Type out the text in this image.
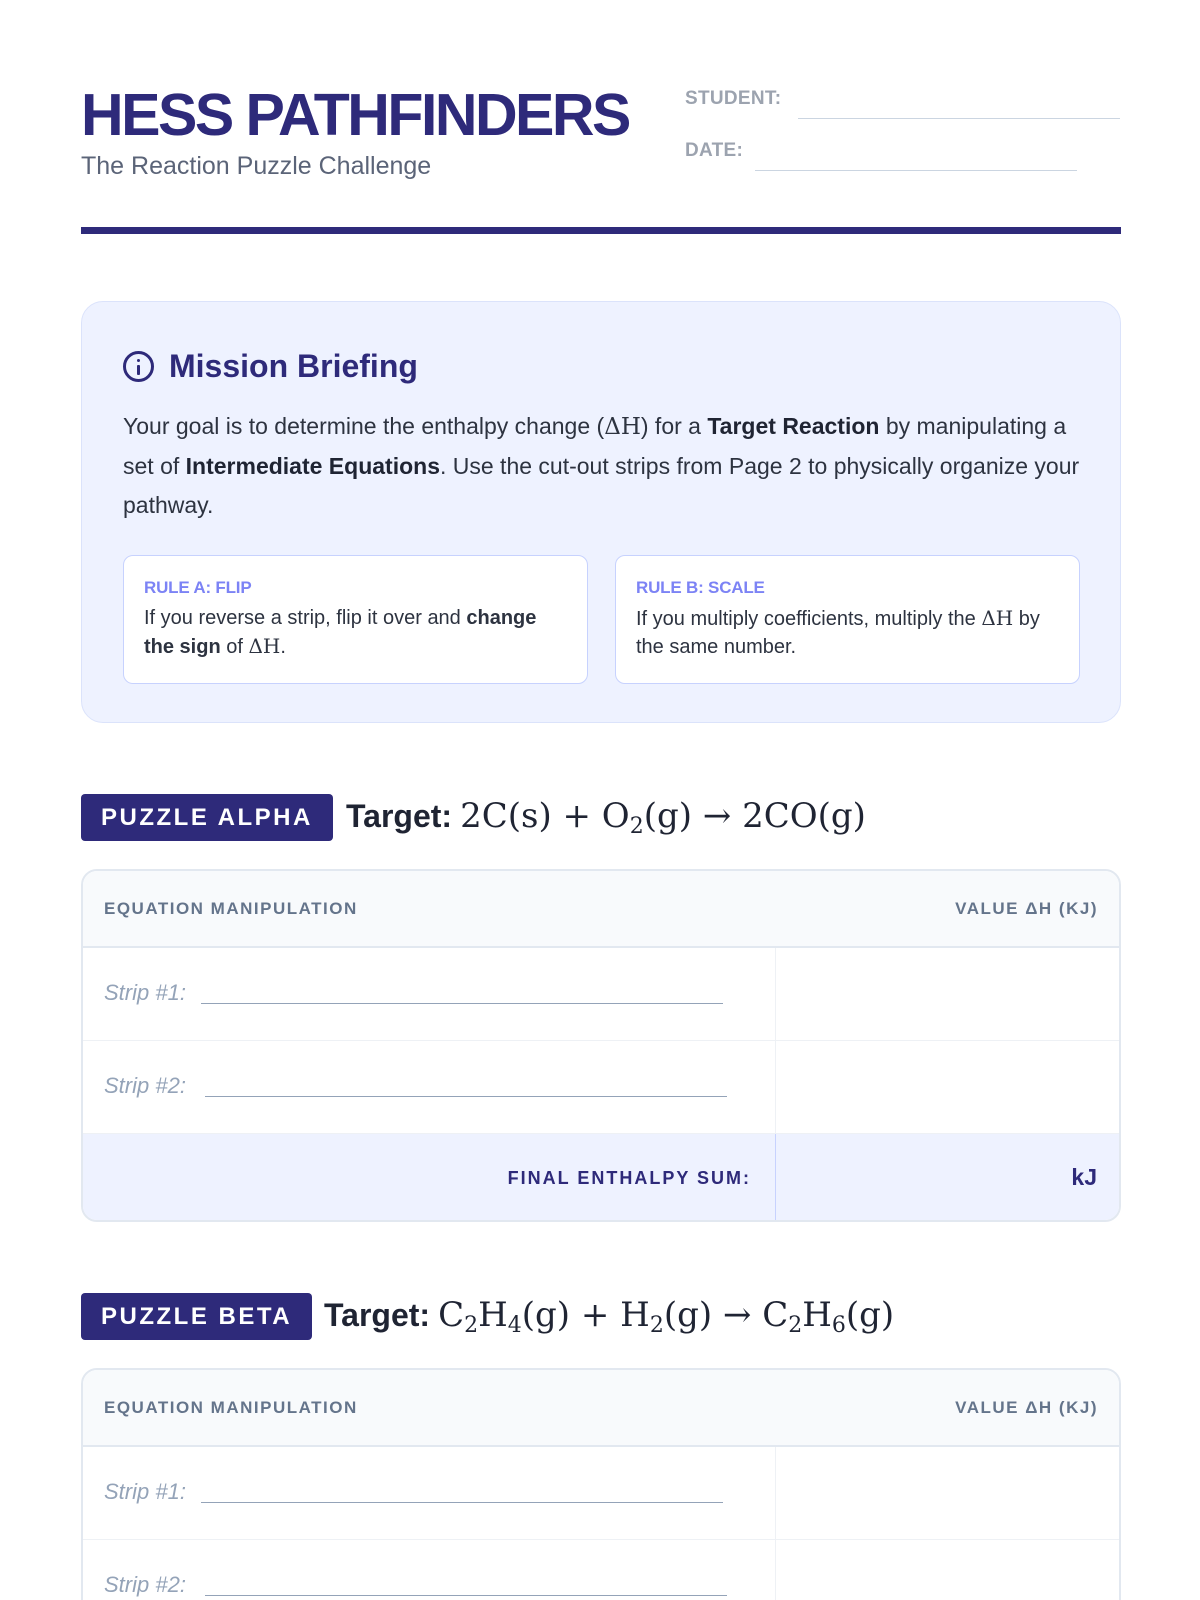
HESS PATHFINDERS
The Reaction Puzzle Challenge
STUDENT:
DATE:
Mission Briefing
Your goal is to determine the enthalpy change (ΔH) for a Target Reaction by manipulating a set of Intermediate Equations. Use the cut-out strips from Page 2 to physically organize your pathway.
RULE A: FLIP
If you reverse a strip, flip it over and change the sign of ΔH.
RULE B: SCALE
If you multiply coefficients, multiply the ΔH by the same number.
PUZZLE ALPHA	Target: $2C(s) + O_2(g) \to 2CO(g)$
EQUATION MANIPULATION	VALUE ΔH (KJ)
Strip #1:
Strip #2:
FINAL ENTHALPY SUM:	kJ
PUZZLE BETA Target: $C_2H_4(g) + H_2(g) \to C_2H_6(g)$
EQUATION MANIPULATION	VALUE ΔH (KJ)
Strip #1:
Strip #2:
